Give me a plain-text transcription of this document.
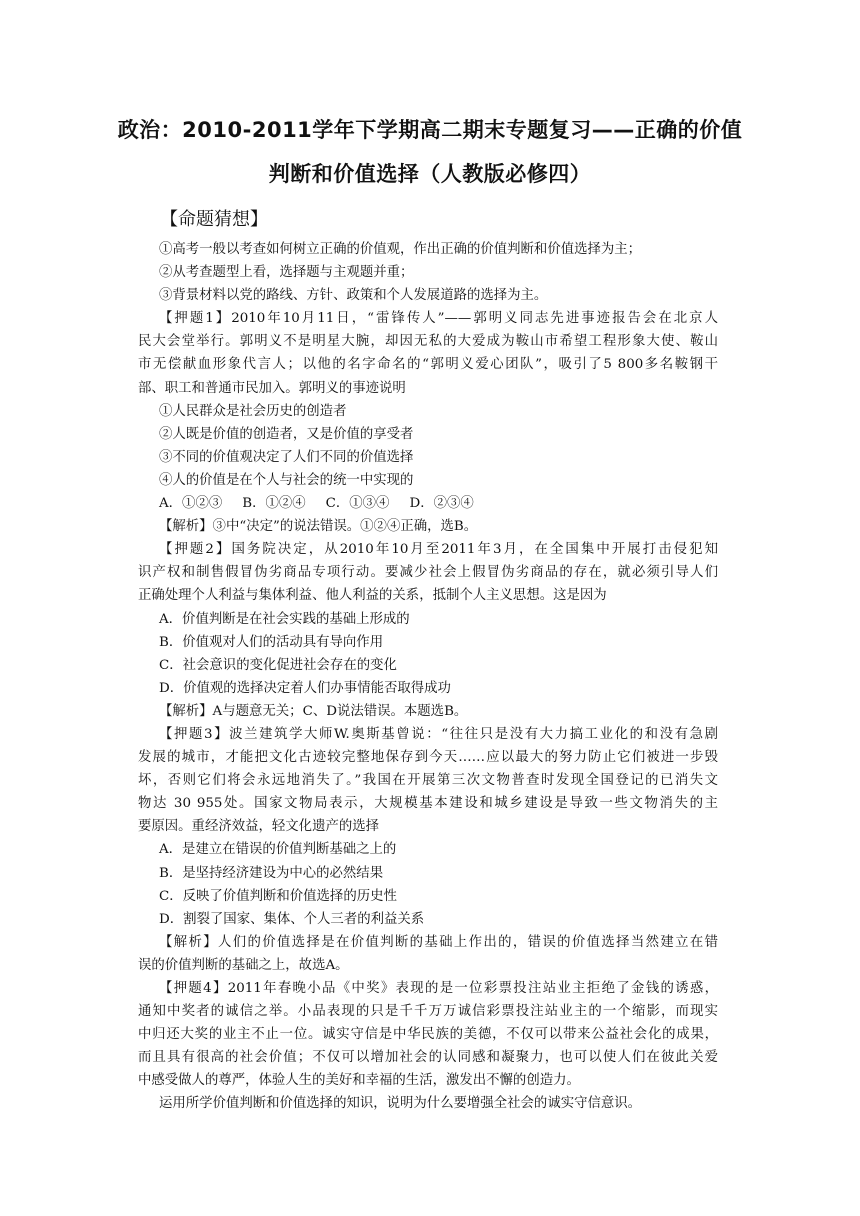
政治：2010-2011学年下学期高二期末专题复习——正确的价值
判断和价值选择（人教版必修四）
【命题猜想】
①高考一般以考查如何树立正确的价值观，作出正确的价值判断和价值选择为主；
②从考查题型上看，选择题与主观题并重；
③背景材料以党的路线、方针、政策和个人发展道路的选择为主。
【押题1】2010年10月11日，“雷锋传人”——郭明义同志先进事迹报告会在北京人
民大会堂举行。郭明义不是明星大腕，却因无私的大爱成为鞍山市希望工程形象大使、鞍山
市无偿献血形象代言人；以他的名字命名的“郭明义爱心团队”，吸引了5 800多名鞍钢干
部、职工和普通市民加入。郭明义的事迹说明
①人民群众是社会历史的创造者
②人既是价值的创造者，又是价值的享受者
③不同的价值观决定了人们不同的价值选择
④人的价值是在个人与社会的统一中实现的
A．①②③ B．①②④ C．①③④ D．②③④
【解析】③中“决定”的说法错误。①②④正确，选B。
【押题2】国务院决定，从2010年10月至2011年3月，在全国集中开展打击侵犯知
识产权和制售假冒伪劣商品专项行动。要减少社会上假冒伪劣商品的存在，就必须引导人们
正确处理个人利益与集体利益、他人利益的关系，抵制个人主义思想。这是因为
A．价值判断是在社会实践的基础上形成的
B．价值观对人们的活动具有导向作用
C．社会意识的变化促进社会存在的变化
D．价值观的选择决定着人们办事情能否取得成功
【解析】A与题意无关；C、D说法错误。本题选B。
【押题3】波兰建筑学大师W.奥斯基曾说：“往往只是没有大力搞工业化的和没有急剧
发展的城市，才能把文化古迹较完整地保存到今天……应以最大的努力防止它们被进一步毁
坏，否则它们将会永远地消失了。”我国在开展第三次文物普查时发现全国登记的已消失文
物达 30 955处。国家文物局表示，大规模基本建设和城乡建设是导致一些文物消失的主
要原因。重经济效益，轻文化遗产的选择
A．是建立在错误的价值判断基础之上的
B．是坚持经济建设为中心的必然结果
C．反映了价值判断和价值选择的历史性
D．割裂了国家、集体、个人三者的利益关系
【解析】人们的价值选择是在价值判断的基础上作出的，错误的价值选择当然建立在错
误的价值判断的基础之上，故选A。
【押题4】2011年春晚小品《中奖》表现的是一位彩票投注站业主拒绝了金钱的诱惑，
通知中奖者的诚信之举。小品表现的只是千千万万诚信彩票投注站业主的一个缩影，而现实
中归还大奖的业主不止一位。诚实守信是中华民族的美德，不仅可以带来公益社会化的成果，
而且具有很高的社会价值；不仅可以增加社会的认同感和凝聚力，也可以使人们在彼此关爱
中感受做人的尊严，体验人生的美好和幸福的生活，激发出不懈的创造力。
运用所学价值判断和价值选择的知识，说明为什么要增强全社会的诚实守信意识。
